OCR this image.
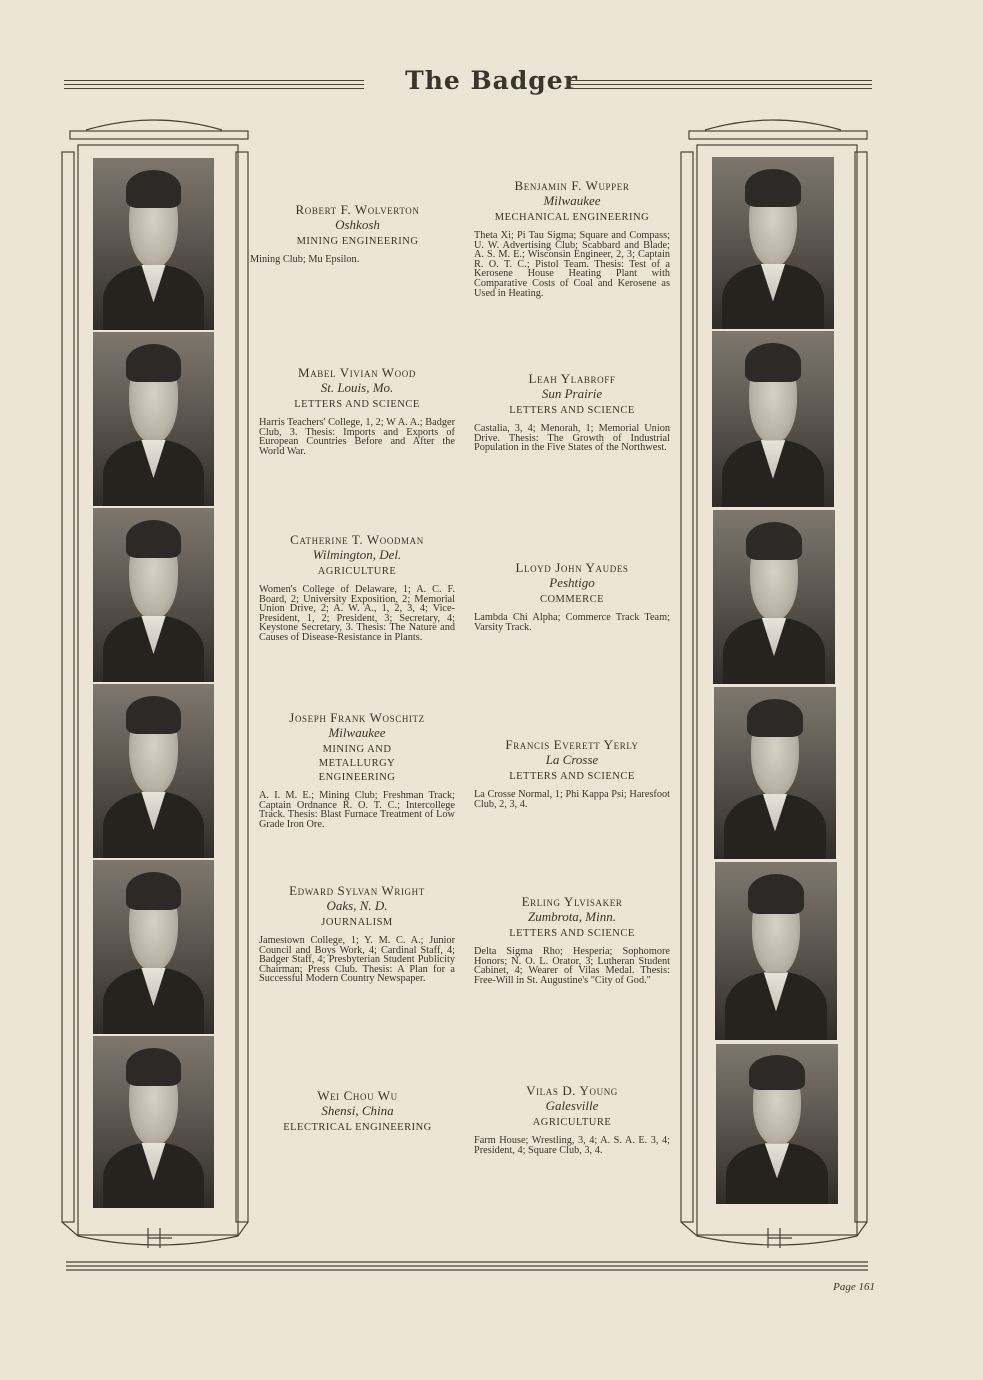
The Badger
Robert F. Wolverton
Oshkosh
MINING ENGINEERING
Mining Club; Mu Epsilon.
Mabel Vivian Wood
St. Louis, Mo.
LETTERS AND SCIENCE
Harris Teachers' College, 1, 2; W A. A.; Badger Club, 3. Thesis: Imports and Exports of European Countries Before and After the World War.
Catherine T. Woodman
Wilmington, Del.
AGRICULTURE
Women's College of Delaware, 1; A. C. F. Board, 2; University Exposition, 2; Memorial Union Drive, 2; A. W. A., 1, 2, 3, 4; Vice-President, 1, 2; President, 3; Secretary, 4; Keystone Secretary, 3. Thesis: The Nature and Causes of Disease-Resistance in Plants.
Joseph Frank Woschitz
Milwaukee
MINING AND METALLURGY ENGINEERING
A. I. M. E.; Mining Club; Freshman Track; Captain Ordnance R. O. T. C.; Intercollege Track. Thesis: Blast Furnace Treatment of Low Grade Iron Ore.
Edward Sylvan Wright
Oaks, N. D.
JOURNALISM
Jamestown College, 1; Y. M. C. A.; Junior Council and Boys Work, 4; Cardinal Staff, 4; Badger Staff, 4; Presbyterian Student Publicity Chairman; Press Club. Thesis: A Plan for a Successful Modern Country Newspaper.
Wei Chou Wu
Shensi, China
ELECTRICAL ENGINEERING
Benjamin F. Wupper
Milwaukee
MECHANICAL ENGINEERING
Theta Xi; Pi Tau Sigma; Square and Compass; U. W. Advertising Club; Scabbard and Blade; A. S. M. E.; Wisconsin Engineer, 2, 3; Captain R. O. T. C.; Pistol Team. Thesis: Test of a Kerosene House Heating Plant with Comparative Costs of Coal and Kerosene as Used in Heating.
Leah Ylabroff
Sun Prairie
LETTERS AND SCIENCE
Castalia, 3, 4; Menorah, 1; Memorial Union Drive. Thesis: The Growth of Industrial Population in the Five States of the Northwest.
Lloyd John Yaudes
Peshtigo
COMMERCE
Lambda Chi Alpha; Commerce Track Team; Varsity Track.
Francis Everett Yerly
La Crosse
LETTERS AND SCIENCE
La Crosse Normal, 1; Phi Kappa Psi; Haresfoot Club, 2, 3, 4.
Erling Ylvisaker
Zumbrota, Minn.
LETTERS AND SCIENCE
Delta Sigma Rho; Hesperia; Sophomore Honors; N. O. L. Orator, 3; Lutheran Student Cabinet, 4; Wearer of Vilas Medal. Thesis: Free-Will in St. Augustine's "City of God."
Vilas D. Young
Galesville
AGRICULTURE
Farm House; Wrestling, 3, 4; A. S. A. E. 3, 4; President, 4; Square Club, 3, 4.
Page 161
